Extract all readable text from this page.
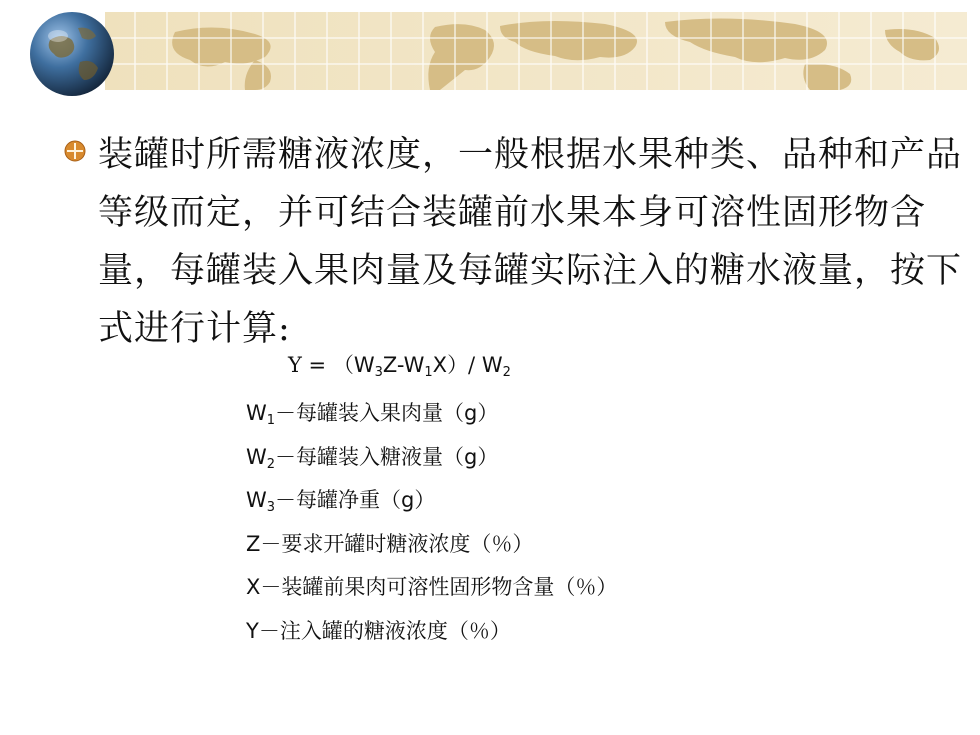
装罐时所需糖液浓度，一般根据水果种类、品种和产品等级而定，并可结合装罐前水果本身可溶性固形物含量，每罐装入果肉量及每罐实际注入的糖水液量，按下式进行计算:

$Y = (W_3Z-W_1X)/$ $W_2$
$W_1-$每罐装入果肉量（g）
$W_2-$每罐装入糖液量（g）
$W_3-$每罐净重（g）
Z－要求开罐时糖液浓度（％）
X－装罐前果肉可溶性固形物含量（％）
Y－注入罐的糖液浓度（％）
